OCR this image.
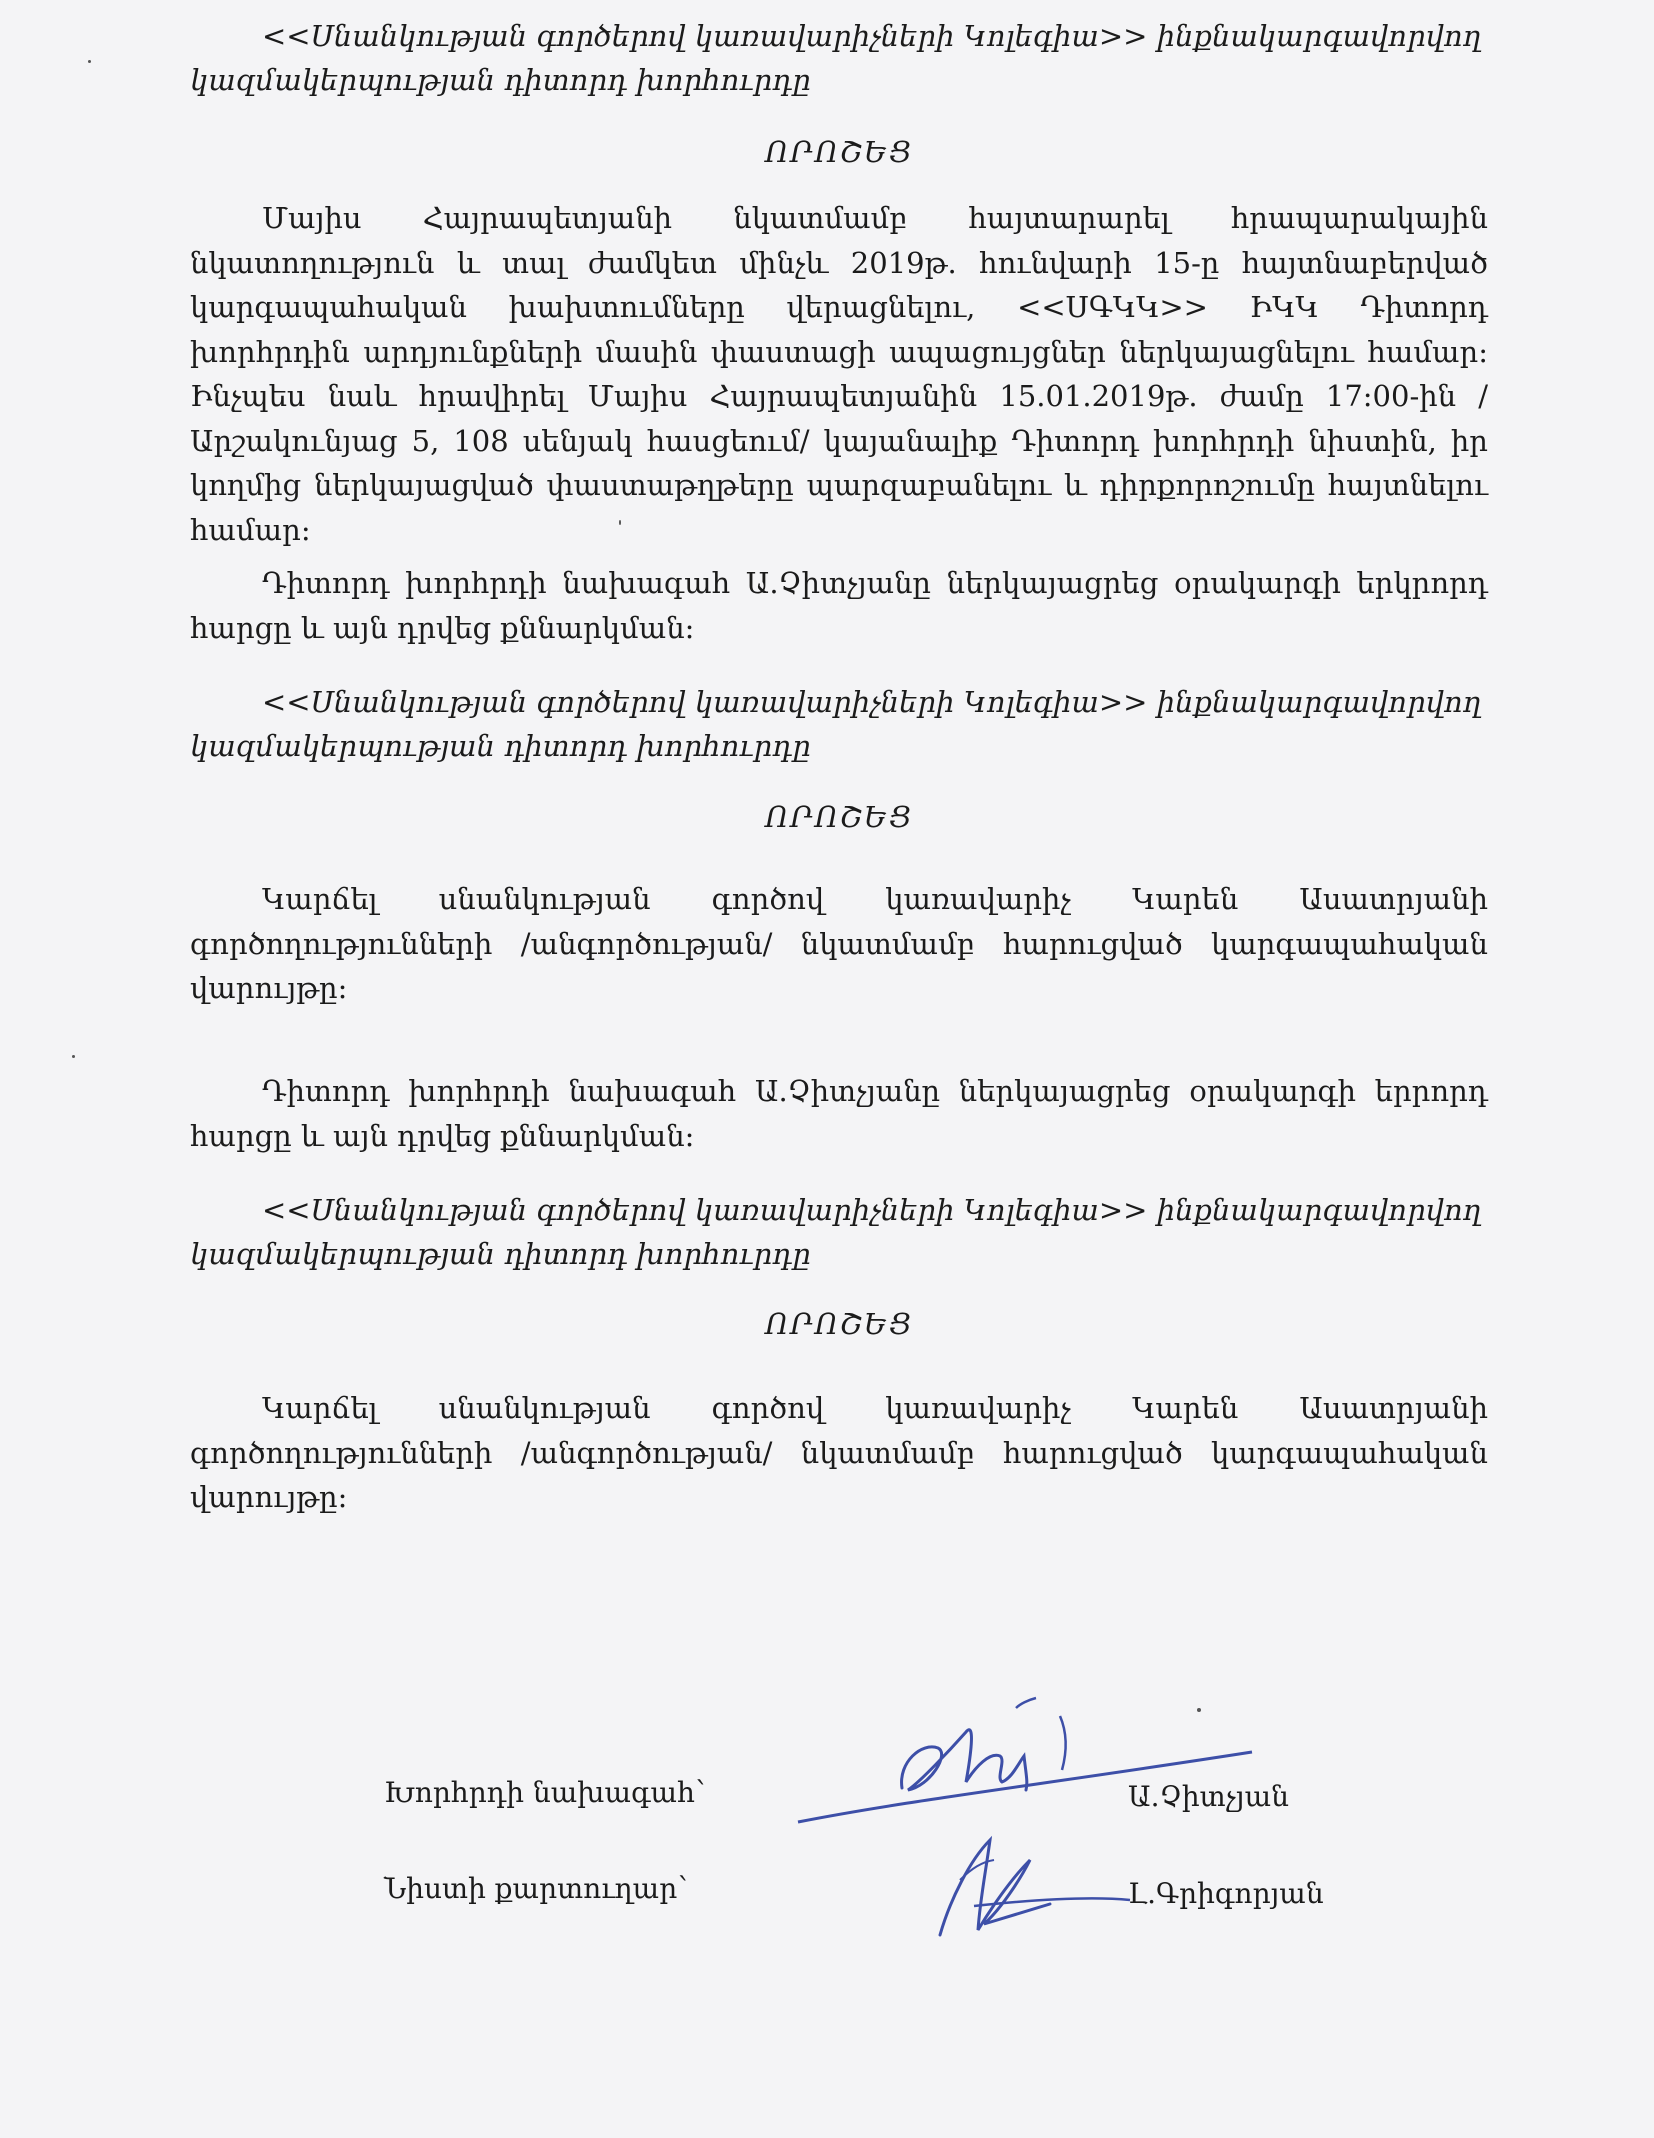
<<Սնանկության գործերով կառավարիչների Կոլեգիա>> ինքնակարգավորվող
կազմակերպության դիտորդ խորհուրդը
ՈՐՈՇԵՑ
Մայիս Հայրապետյանի նկատմամբ հայտարարել հրապարակային նկատողություն և տալ ժամկետ մինչև 2019թ. հունվարի 15-ը հայտնաբերված կարգապահական խախտումները վերացնելու, <<ՍԳԿԿ>> ԻԿԿ Դիտորդ խորհրդին արդյունքների մասին փաստացի ապացույցներ ներկայացնելու համար: Ինչպես նաև հրավիրել Մայիս Հայրապետյանին 15.01.2019թ. ժամը 17:00-ին /Արշակունյաց 5, 108 սենյակ հասցեում/ կայանալիք Դիտորդ խորհրդի նիստին, իր կողմից ներկայացված փաստաթղթերը պարզաբանելու և դիրքորոշումը հայտնելու համար:
Դիտորդ խորհրդի նախագահ Ա.Չիտչյանը ներկայացրեց օրակարգի երկրորդ հարցը և այն դրվեց քննարկման:
<<Սնանկության գործերով կառավարիչների Կոլեգիա>> ինքնակարգավորվող
կազմակերպության դիտորդ խորհուրդը
ՈՐՈՇԵՑ
Կարճել սնանկության գործով կառավարիչ Կարեն Ասատրյանի գործողությունների /անգործության/ նկատմամբ հարուցված կարգապահական վարույթը:
Դիտորդ խորհրդի նախագահ Ա.Չիտչյանը ներկայացրեց օրակարգի երրորդ հարցը և այն դրվեց քննարկման:
<<Սնանկության գործերով կառավարիչների Կոլեգիա>> ինքնակարգավորվող
կազմակերպության դիտորդ խորհուրդը
ՈՐՈՇԵՑ
Կարճել սնանկության գործով կառավարիչ Կարեն Ասատրյանի գործողությունների /անգործության/ նկատմամբ հարուցված կարգապահական վարույթը:
Խորհրդի նախագահ՝	Ա.Չիտչյան
Նիստի քարտուղար՝	Լ.Գրիգորյան
